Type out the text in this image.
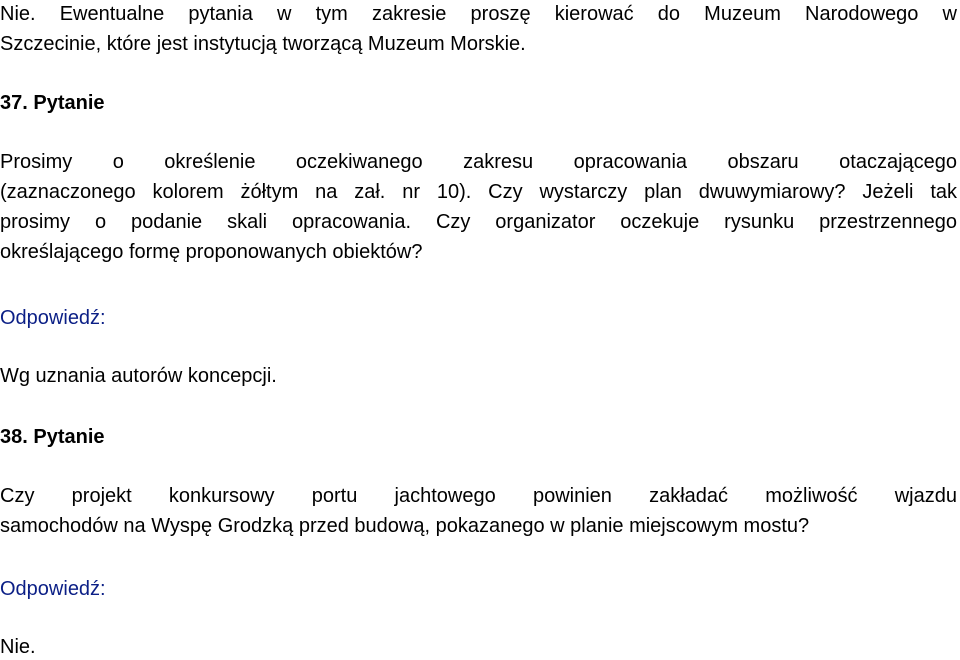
Nie. Ewentualne pytania w tym zakresie proszę kierować do Muzeum Narodowego w

Szczecinie, które jest instytucją tworzącą Muzeum Morskie.

37. Pytanie

Prosimy o określenie oczekiwanego zakresu opracowania obszaru otaczającego

(zaznaczonego kolorem żółtym na zał. nr 10). Czy wystarczy plan dwuwymiarowy? Jeżeli tak

prosimy o podanie skali opracowania. Czy organizator oczekuje rysunku przestrzennego

określającego formę proponowanych obiektów?

Odpowiedź:

Wg uznania autorów koncepcji.

38. Pytanie

Czy projekt konkursowy portu jachtowego powinien zakładać możliwość wjazdu

samochodów na Wyspę Grodzką przed budową, pokazanego w planie miejscowym mostu?

Odpowiedź:

Nie.
